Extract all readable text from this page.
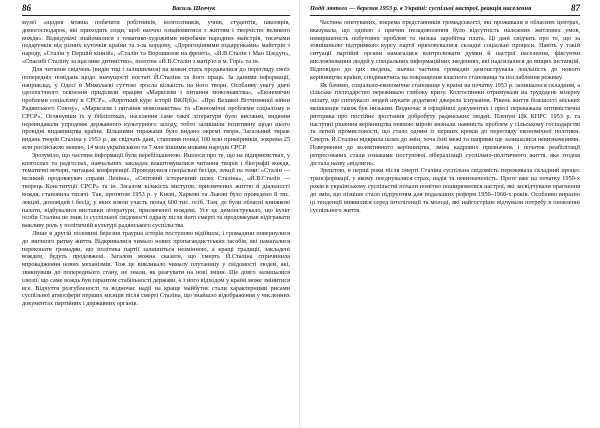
86	Василь Шевчук

музеї «щодня можна побачити робітників, колгоспників, учнів, студентів, школярів, домогосподарок, які приходять сюди, щоб наочно ознайомитися з життям і творчістю великого вождя». Відвідувачі знайомилися з тематико-художніми виробами народних майстрів, тисячами подарунків від різних куточків країни та з-за кордону, «Дорогоцінними подарунками» майстрів з народу, «Сталін у Першій кінній», «Сталін та Ворошилов на фронті», «Й.В.Сталін і Мао Цзедун», «Спасибі Сталіну за щасливе дитинство», полотна «Й.В.Сталін з матір'ю в м. Горі» та ін.

Для читання свідчень (видів тщі і залишилися) на кожен стать продавалися до перегляду своїх попередніх повідань щодо значущості постаті Й.Сталіна та його праць. За даними інформації, наприклад, у Одесі й Миколаєві суттєво зросла кількість на його твори. Особливу увагу діячі ідеологічного освоєння приділяли працям «Марксизм і питання мовознавства», «Економічні проблеми соціалізму в СРСР», «Короткий курс історії ВКП(б)». «Про Великої Вітчизняної війни Радянського Союзу», «Марксизм і питання мовознавства» та «Економічні проблеми соціалізму в СРСР». Оглянувши їх у бібліотеках, населення саме такої літератури було високим, видання перевидавали упродовж державного культурного заходу, тобто залишили позитивну щодо цього провідні видавництва країни. Більшими тиражами було видано окремі твори. Загальний тираж видань творів Сталіна у 1953 р., як свідчать дані, становив понад 100 млн примірників, зокрема 25 млн російською мовою, 14 млн українською та 7 млн іншими мовами народів СРСР.

Зрозуміло, що частина інформації була перебільшеною. Йшлося про те, що на підприємствах, у колгоспах та радгоспах, навчальних закладах влаштовувалися читання творів і біографії вождя, тематичні вечори, читацькі конференції. Проводилися спеціальні бесіди, лекції на теми: «Сталін — великий продовжувач справи Леніна», «Світовий історичний шлях Сталіна», «Й.В.Сталін — творець Конституції СРСР» та ін. Загалом кількість виступів, присвячених життю й діяльності вождя, становила тисячі. Так, протягом 1953 р. у Києві, Харкові та Львові було проведено 8 тис. лекцій, доповідей і бесід, у яких взяли участь понад 600 тис. осіб. Там, де були обласні книжкові палати, відбувалися виставки літератури, присвяченої вождеві. Усе це демонструвало, що культ особи Сталіна не зник із суспільної свідомості одразу після його смерті та продовжував відігравати важливу роль у політичній культурі радянського суспільства.

Лише в другій половині березня траурна історія поступово відійшла, і громадяни повернулися до звичного ритму життя. Відкривалися чимало нових пропагандистських засобів, які намагалися переконати громадян, що політика партії залишиться незмінною, а кращі традиції, закладені вождем, будуть продовжені. Загалом можна сказати, що смерть Й.Сталіна спричинила впровадження нових механізмів. Тож це викликало чималу плутанину у свідомості людей, які, звикнувши до попереднього стану, не знали, як реагувати на нові зміни. Ще довго залишалися ілюзії, що саме вождь був гарантом стабільності держави, а з його відходом у країні може змінитися все. Відчуття розгубленості та водночас надії на краще майбутнє стали характерними рисами суспільної атмосфери перших місяців після смерті Сталіна, що знайшло відображення у численних документах партійних і державних органів.

Події лютого — березня 1953 р. в Україні: суспільні настрої, реакція населення	87

Частина опитуваних, зокрема представників громадськості, які проживали в обласних центрах, вказувала, що однією з причин незадоволення було відсутність належних житлових умов, невирішеність побутових проблем та низька заробітна плата. Ці дані свідчать про те, що за зовнішньою підтримкою курсу партії приховувалися складні соціальні процеси. Навіть у такій ситуації партійні органи намагалися контролювати думки й настрої населення, фіксуючи висловлювання людей у спеціальних інформаційних зведеннях, які надсилалися до вищих інстанцій. Відповідно до цих зведень, значна частина громадян демонструвала лояльність до нового керівництва країни, сподіваючись на покращення власного становища та послаблення режиму.

Як бачимо, соціально-економічне становище у країні на початку 1953 р. залишалося складним, а сільське господарство переживало глибоку кризу. Колгоспники отримували на трудодень мізерну оплату, що спонукало людей шукати додаткові джерела існування. Рівень життя більшості міських мешканців також був низьким. Водночас в офіційних документах і пресі переважала оптимістична риторика про постійне зростання добробуту радянських людей. Пленум ЦК КПРС 1953 р. та наступні рішення керівництва певною мірою визнали наявність проблем у сільському господарстві та легкій промисловості, що стало одним із перших кроків до перегляду економічної політики. Смерть Й.Сталіна відкрила шлях до змін, хоча їхні межі та напрями ще залишалися невизначеними. Повернення до колективного керівництва, зміна кадрових призначень і початок реабілітації репресованих стали ознаками поступової лібералізації суспільно-політичного життя, яка згодом дістала назву «відлиги».

Зрештою, в перші роки після смерті Сталіна суспільна свідомість переживала складний процес трансформації, у якому поєднувалися страх, надія та невизначеність. Проте вже на початку 1950-х років в українському суспільстві почали помітно поширюватися настрої, які засвідчували прагнення до змін, що пізніше стало підґрунтям для подальших реформ 1950–1960-х років. Особливо виразно ці тенденції виявилися серед інтелігенції та молоді, які найгостріше відчували потребу в оновленні суспільного життя.
